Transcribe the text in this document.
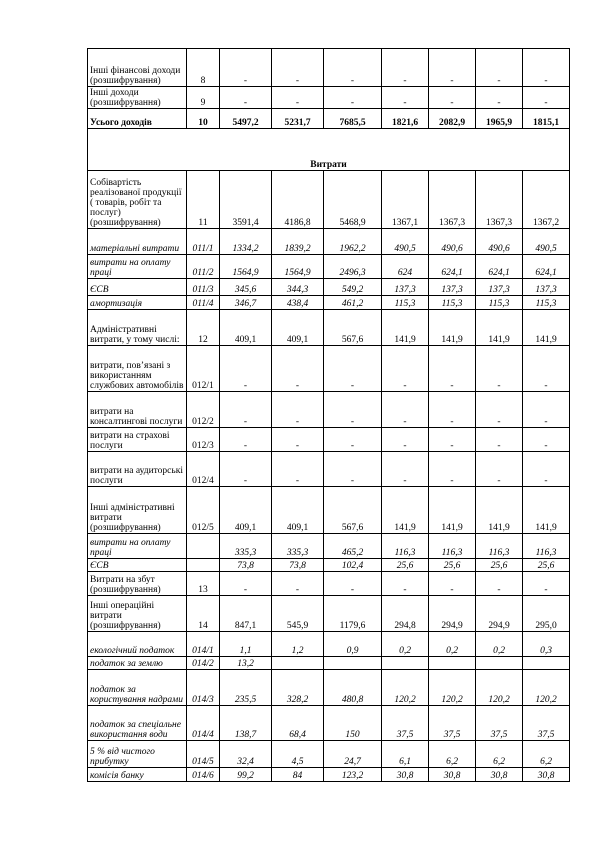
Інші фінансові доходи (розшифрування)	8	-	-	-	-	-	-	-
Інші доходи (розшифрування)	9	-	-	-	-	-	-	-
Усього доходів	10	5497,2	5231,7	7685,5	1821,6	2082,9	1965,9	1815,1
Витрати								
Собівартість реалізованої продукції ( товарів, робіт та послуг) (розшифрування)	11	3591,4	4186,8	5468,9	1367,1	1367,3	1367,3	1367,2
матеріальні витрати	011/1	1334,2	1839,2	1962,2	490,5	490,6	490,6	490,5
витрати на оплату праці	011/2	1564,9	1564,9	2496,3	624	624,1	624,1	624,1
ЄСВ	011/3	345,6	344,3	549,2	137,3	137,3	137,3	137,3
амортизація	011/4	346,7	438,4	461,2	115,3	115,3	115,3	115,3
Адміністративні витрати, у тому числі:	12	409,1	409,1	567,6	141,9	141,9	141,9	141,9
витрати, пов’язані з використанням службових автомобілів	012/1	-	-	-	-	-	-	-
витрати на консалтингові послуги	012/2	-	-	-	-	-	-	-
витрати на страхові послуги	012/3	-	-	-	-	-	-	-
витрати на аудиторські послуги	012/4	-	-	-	-	-	-	-
Інші адміністративні витрати (розшифрування)	012/5	409,1	409,1	567,6	141,9	141,9	141,9	141,9
витрати на оплату праці		335,3	335,3	465,2	116,3	116,3	116,3	116,3
ЄСВ		73,8	73,8	102,4	25,6	25,6	25,6	25,6
Витрати на збут (розшифрування)	13	-	-	-	-	-	-	-
Інші операційні витрати (розшифрування)	14	847,1	545,9	1179,6	294,8	294,9	294,9	295,0
екологічний податок	014/1	1,1	1,2	0,9	0,2	0,2	0,2	0,3
податок за землю	014/2	13,2						
податок за користування надрами	014/3	235,5	328,2	480,8	120,2	120,2	120,2	120,2
податок за спеціальне використання води	014/4	138,7	68,4	150	37,5	37,5	37,5	37,5
5 % від чистого прибутку	014/5	32,4	4,5	24,7	6,1	6,2	6,2	6,2
комісія банку	014/6	99,2	84	123,2	30,8	30,8	30,8	30,8
